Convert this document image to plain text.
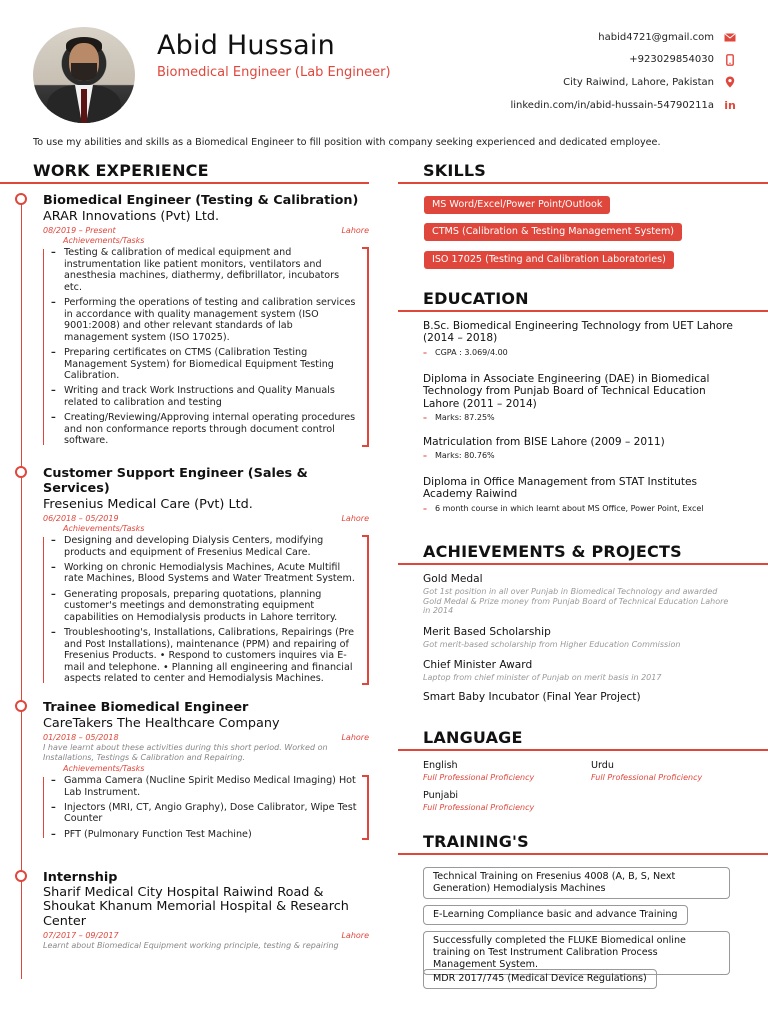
Abid Hussain
Biomedical Engineer (Lab Engineer)
habid4721@gmail.com
+923029854030
City Raiwind, Lahore, Pakistan
linkedin.com/in/abid-hussain-54790211a in
To use my abilities and skills as a Biomedical Engineer to fill position with company seeking experienced and dedicated employee.
WORK EXPERIENCE
Biomedical Engineer (Testing & Calibration)
ARAR Innovations (Pvt) Ltd.
08/2019 – Present	Lahore
Achievements/Tasks
– Testing & calibration of medical equipment and instrumentation like patient monitors, ventilators and anesthesia machines, diathermy, defibrillator, incubators etc.
– Performing the operations of testing and calibration services in accordance with quality management system (ISO 9001:2008) and other relevant standards of lab management system (ISO 17025).
– Preparing certificates on CTMS (Calibration Testing Management System) for Biomedical Equipment Testing Calibration.
– Writing and track Work Instructions and Quality Manuals related to calibration and testing
– Creating/Reviewing/Approving internal operating procedures and non conformance reports through document control software.
Customer Support Engineer (Sales & Services)
Fresenius Medical Care (Pvt) Ltd.
06/2018 – 05/2019	Lahore
Achievements/Tasks
– Designing and developing Dialysis Centers, modifying products and equipment of Fresenius Medical Care.
– Working on chronic Hemodialysis Machines, Acute Multifil rate Machines, Blood Systems and Water Treatment System.
– Generating proposals, preparing quotations, planning customer's meetings and demonstrating equipment capabilities on Hemodialysis products in Lahore territory.
– Troubleshooting's, Installations, Calibrations, Repairings (Pre and Post Installations), maintenance (PPM) and repairing of Fresenius Products. • Respond to customers inquires via E-mail and telephone. • Planning all engineering and financial aspects related to center and Hemodialysis Machines.
Trainee Biomedical Engineer
CareTakers The Healthcare Company
01/2018 – 05/2018	Lahore
I have learnt about these activities during this short period. Worked on Installations, Testings & Calibration and Repairing.
Achievements/Tasks
– Gamma Camera (Nucline Spirit Mediso Medical Imaging) Hot Lab Instrument.
– Injectors (MRI, CT, Angio Graphy), Dose Calibrator, Wipe Test Counter
– PFT (Pulmonary Function Test Machine)
Internship
Sharif Medical City Hospital Raiwind Road & Shoukat Khanum Memorial Hospital & Research Center
07/2017 – 09/2017	Lahore
Learnt about Biomedical Equipment working principle, testing & repairing
SKILLS
MS Word/Excel/Power Point/Outlook
CTMS (Calibration & Testing Management System)
ISO 17025 (Testing and Calibration Laboratories)
EDUCATION
B.Sc. Biomedical Engineering Technology from UET Lahore (2014 – 2018)
– CGPA : 3.069/4.00
Diploma in Associate Engineering (DAE) in Biomedical Technology from Punjab Board of Technical Education Lahore (2011 – 2014)
– Marks: 87.25%
Matriculation from BISE Lahore (2009 – 2011)
– Marks: 80.76%
Diploma in Office Management from STAT Institutes Academy Raiwind
– 6 month course in which learnt about MS Office, Power Point, Excel
ACHIEVEMENTS & PROJECTS
Gold Medal
Got 1st position in all over Punjab in Biomedical Technology and awarded Gold Medal & Prize money from Punjab Board of Technical Education Lahore in 2014
Merit Based Scholarship
Got merit-based scholarship from Higher Education Commission
Chief Minister Award
Laptop from chief minister of Punjab on merit basis in 2017
Smart Baby Incubator (Final Year Project)
LANGUAGE
English
Full Professional Proficiency
Urdu
Full Professional Proficiency
Punjabi
Full Professional Proficiency
TRAINING'S
Technical Training on Fresenius 4008 (A, B, S, Next Generation) Hemodialysis Machines
E-Learning Compliance basic and advance Training
Successfully completed the FLUKE Biomedical online training on Test Instrument Calibration Process Management System.
MDR 2017/745 (Medical Device Regulations)
